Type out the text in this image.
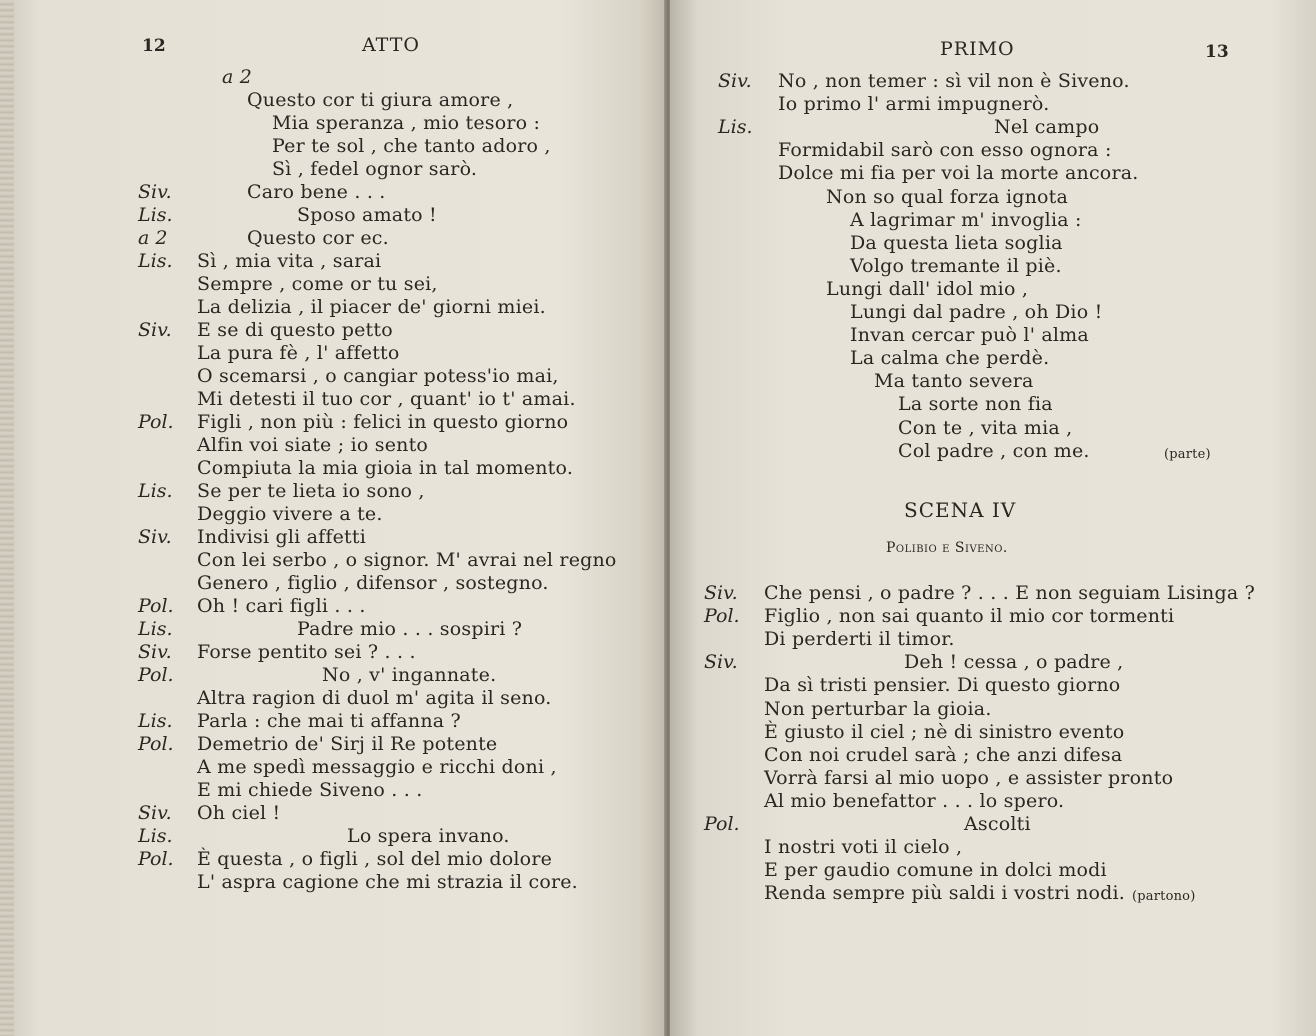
12	ATTO
a 2
Questo cor ti giura amore ,
Mia speranza , mio tesoro :
Per te sol , che tanto adoro ,
Sì , fedel ognor sarò.
Siv.	Caro bene . . .
Lis.	Sposo amato !
a 2	Questo cor ec.
Lis. Sì , mia vita , sarai
Sempre , come or tu sei,
La delizia , il piacer de' giorni miei.
Siv. E se di questo petto
La pura fè , l' affetto
O scemarsi , o cangiar potess'io mai,
Mi detesti il tuo cor , quant' io t' amai.
Pol. Figli , non più : felici in questo giorno
Alfin voi siate ; io sento
Compiuta la mia gioia in tal momento.
Lis. Se per te lieta io sono ,
Deggio vivere a te.
Siv. Indivisi gli affetti
Con lei serbo , o signor. M' avrai nel regno
Genero , figlio , difensor , sostegno.
Pol. Oh ! cari figli . . .
Lis.	Padre mio . . . sospiri ?
Siv. Forse pentito sei ? . . .
Pol.	No , v' ingannate.
Altra ragion di duol m' agita il seno.
Lis. Parla : che mai ti affanna ?
Pol. Demetrio de' Sirj il Re potente
A me spedì messaggio e ricchi doni ,
E mi chiede Siveno . . .
Siv. Oh ciel !
Lis.	Lo spera invano.
Pol. È questa , o figli , sol del mio dolore
L' aspra cagione che mi strazia il core.
PRIMO	13
Siv. No , non temer : sì vil non è Siveno.
Io primo l' armi impugnerò.
Lis.	Nel campo
Formidabil sarò con esso ognora :
Dolce mi fia per voi la morte ancora.
Non so qual forza ignota
A lagrimar m' invoglia :
Da questa lieta soglia
Volgo tremante il piè.
Lungi dall' idol mio ,
Lungi dal padre , oh Dio !
Invan cercar può l' alma
La calma che perdè.
Ma tanto severa
La sorte non fia
Con te , vita mia ,
Col padre , con me.	(parte)
SCENA IV
Polibio e Siveno.
Siv. Che pensi , o padre ? . . . E non seguiam Lisinga ?
Pol. Figlio , non sai quanto il mio cor tormenti
Di perderti il timor.
Siv.	Deh ! cessa , o padre ,
Da sì tristi pensier. Di questo giorno
Non perturbar la gioia.
È giusto il ciel ; nè di sinistro evento
Con noi crudel sarà ; che anzi difesa
Vorrà farsi al mio uopo , e assister pronto
Al mio benefattor . . . lo spero.
Pol.	Ascolti
I nostri voti il cielo ,
E per gaudio comune in dolci modi
Renda sempre più saldi i vostri nodi. (partono)
